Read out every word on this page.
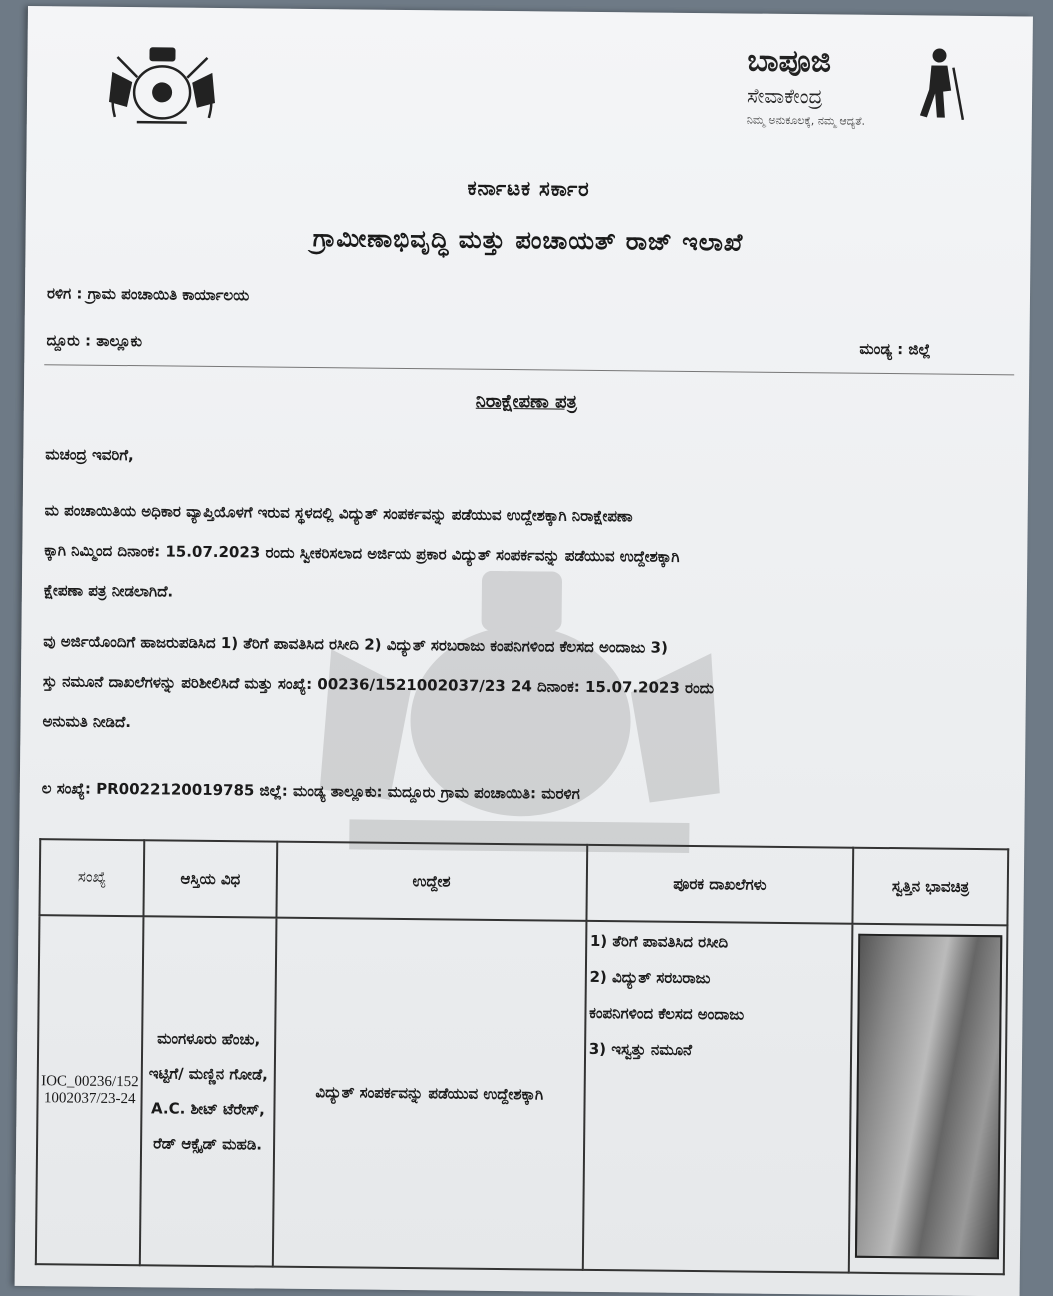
ಬಾಪೂಜಿ
ಸೇವಾಕೇಂದ್ರ
ನಿಮ್ಮ ಅನುಕೂಲಕ್ಕೆ, ನಮ್ಮ ಆದ್ಯತೆ.
ಕರ್ನಾಟಕ ಸರ್ಕಾರ
ಗ್ರಾಮೀಣಾಭಿವೃದ್ಧಿ ಮತ್ತು ಪಂಚಾಯತ್ ರಾಜ್ ಇಲಾಖೆ
ರಳಿಗ : ಗ್ರಾಮ ಪಂಚಾಯಿತಿ ಕಾರ್ಯಾಲಯ
ದ್ದೂರು : ತಾಲ್ಲೂಕು	ಮಂಡ್ಯ : ಜಿಲ್ಲೆ
ನಿರಾಕ್ಷೇಪಣಾ ಪತ್ರ
ಮಚಂದ್ರ ಇವರಿಗೆ,
ಮ ಪಂಚಾಯಿತಿಯ ಅಧಿಕಾರ ವ್ಯಾಪ್ತಿಯೊಳಗೆ ಇರುವ ಸ್ಥಳದಲ್ಲಿ ವಿದ್ಯುತ್ ಸಂಪರ್ಕವನ್ನು ಪಡೆಯುವ ಉದ್ದೇಶಕ್ಕಾಗಿ ನಿರಾಕ್ಷೇಪಣಾ
ಕ್ಕಾಗಿ ನಿಮ್ಮಿಂದ ದಿನಾಂಕ: 15.07.2023 ರಂದು ಸ್ವೀಕರಿಸಲಾದ ಅರ್ಜಿಯ ಪ್ರಕಾರ ವಿದ್ಯುತ್ ಸಂಪರ್ಕವನ್ನು ಪಡೆಯುವ ಉದ್ದೇಶಕ್ಕಾಗಿ
ಕ್ಷೇಪಣಾ ಪತ್ರ ನೀಡಲಾಗಿದೆ.
ವು ಅರ್ಜಿಯೊಂದಿಗೆ ಹಾಜರುಪಡಿಸಿದ 1) ತೆರಿಗೆ ಪಾವತಿಸಿದ ರಸೀದಿ 2) ವಿದ್ಯುತ್ ಸರಬರಾಜು ಕಂಪನಿಗಳಿಂದ ಕೆಲಸದ ಅಂದಾಜು 3)
ಸ್ತು ನಮೂನೆ ದಾಖಲೆಗಳನ್ನು ಪರಿಶೀಲಿಸಿದೆ ಮತ್ತು ಸಂಖ್ಯೆ: 00236/1521002037/23 24 ದಿನಾಂಕ: 15.07.2023 ರಂದು
ಅನುಮತಿ ನೀಡಿದೆ.
ಲ ಸಂಖ್ಯೆ: PR0022120019785 ಜಿಲ್ಲೆ: ಮಂಡ್ಯ ತಾಲ್ಲೂಕು: ಮದ್ದೂರು ಗ್ರಾಮ ಪಂಚಾಯಿತಿ: ಮರಳಿಗ
ಸಂಖ್ಯೆ	ಆಸ್ತಿಯ ವಿಧ	ಉದ್ದೇಶ	ಪೂರಕ ದಾಖಲೆಗಳು	ಸ್ವತ್ತಿನ ಭಾವಚಿತ್ರ
IOC_00236/1521002037/23-24	ಮಂಗಳೂರು ಹೆಂಚು, ಇಟ್ಟಿಗೆ/ ಮಣ್ಣಿನ ಗೋಡೆ, A.C. ಶೀಟ್ ಟೆರೇಸ್, ರೆಡ್ ಆಕ್ಸೈಡ್ ಮಹಡಿ.	ವಿದ್ಯುತ್ ಸಂಪರ್ಕವನ್ನು ಪಡೆಯುವ ಉದ್ದೇಶಕ್ಕಾಗಿ	1) ತೆರಿಗೆ ಪಾವತಿಸಿದ ರಸೀದಿ
2) ವಿದ್ಯುತ್ ಸರಬರಾಜು
ಕಂಪನಿಗಳಿಂದ ಕೆಲಸದ ಅಂದಾಜು
3) ಇಸ್ವತ್ತು ನಮೂನೆ	
